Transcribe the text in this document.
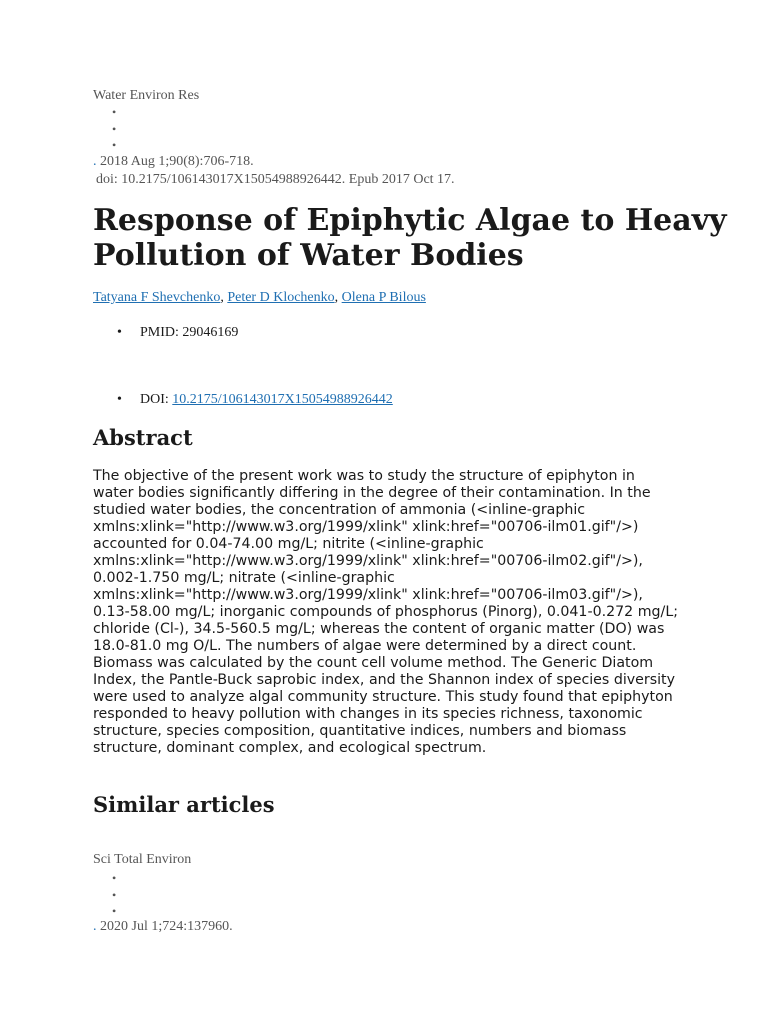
Water Environ Res
•
•
•
. 2018 Aug 1;90(8):706-718.
doi: 10.2175/106143017X15054988926442. Epub 2017 Oct 17.
Response of Epiphytic Algae to Heavy Pollution of Water Bodies
Tatyana F Shevchenko, Peter D Klochenko, Olena P Bilous
• PMID: 29046169
• DOI: 10.2175/106143017X15054988926442
Abstract

The objective of the present work was to study the structure of epiphyton in water bodies significantly differing in the degree of their contamination. In the studied water bodies, the concentration of ammonia (<inline-graphic xmlns:xlink="http://www.w3.org/1999/xlink" xlink:href="00706-ilm01.gif"/>) accounted for 0.04-74.00 mg/L; nitrite (<inline-graphic xmlns:xlink="http://www.w3.org/1999/xlink" xlink:href="00706-ilm02.gif"/>), 0.002-1.750 mg/L; nitrate (<inline-graphic xmlns:xlink="http://www.w3.org/1999/xlink" xlink:href="00706-ilm03.gif"/>), 0.13-58.00 mg/L; inorganic compounds of phosphorus (Pinorg), 0.041-0.272 mg/L; chloride (Cl-), 34.5-560.5 mg/L; whereas the content of organic matter (DO) was 18.0-81.0 mg O/L. The numbers of algae were determined by a direct count. Biomass was calculated by the count cell volume method. The Generic Diatom Index, the Pantle-Buck saprobic index, and the Shannon index of species diversity were used to analyze algal community structure. This study found that epiphyton responded to heavy pollution with changes in its species richness, taxonomic structure, species composition, quantitative indices, numbers and biomass structure, dominant complex, and ecological spectrum.

Similar articles
Sci Total Environ
•
•
•
. 2020 Jul 1;724:137960.
